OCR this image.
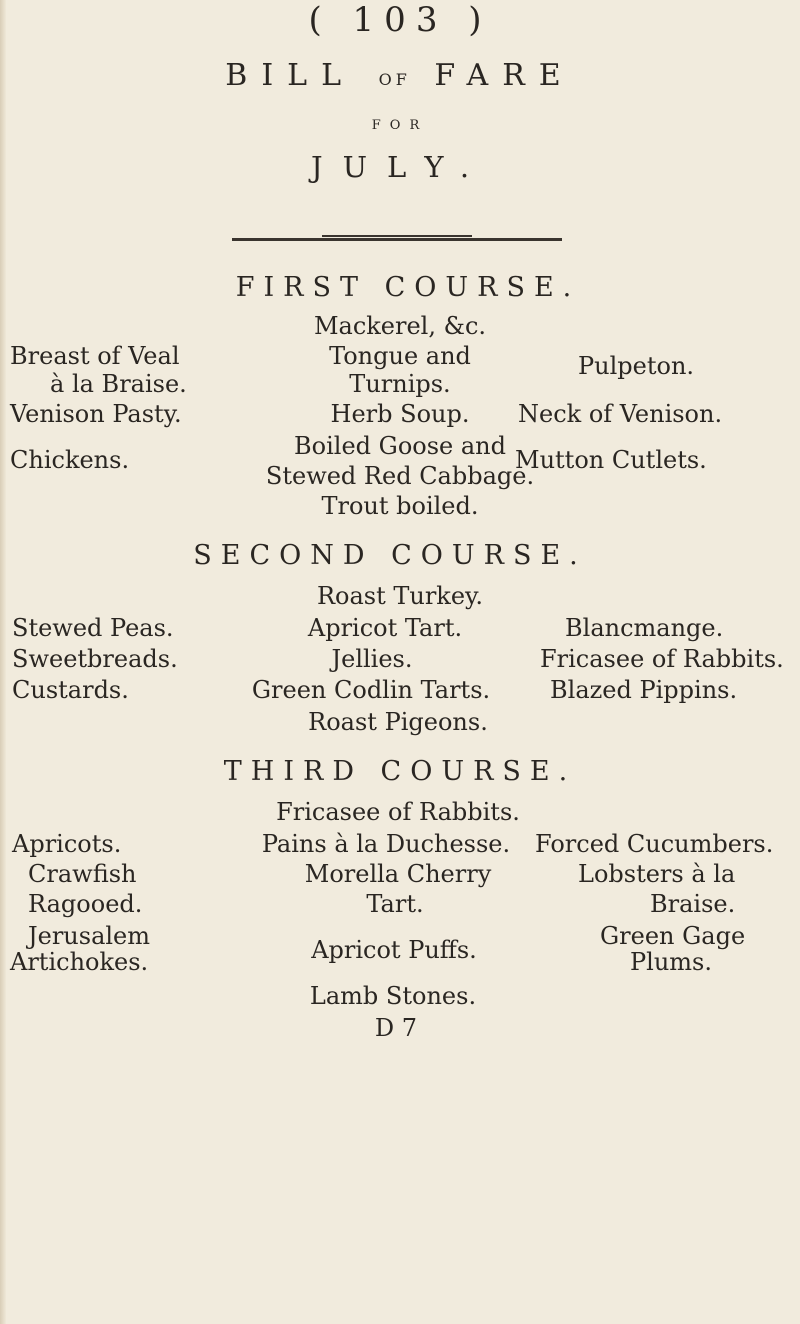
( 103 )
BILL OF FARE
FOR
JULY.
FIRST COURSE.
Mackerel, &c.
Tongue and
Turnips.
Herb Soup.
Boiled Goose and
Stewed Red Cabbage.
Trout boiled.
Breast of Veal
à la Braise.
Venison Pasty.
Chickens.
Pulpeton.
Neck of Venison.
Mutton Cutlets.
SECOND COURSE.
Roast Turkey.
Stewed Peas.
Sweetbreads.
Custards.
Apricot Tart.
Jellies.
Green Codlin Tarts.
Blancmange.
Fricasee of Rabbits.
Blazed Pippins.
Roast Pigeons.
THIRD COURSE.
Fricasee of Rabbits.
Apricots.	Pains à la Duchesse. Forced Cucumbers.
Crawfish
Ragooed.
Jerusalem
Artichokes.
Morella Cherry
Tart.
Apricot Puffs.
Lobsters à la
Braise.
Green Gage
Plums.
Lamb Stones.
D 7
